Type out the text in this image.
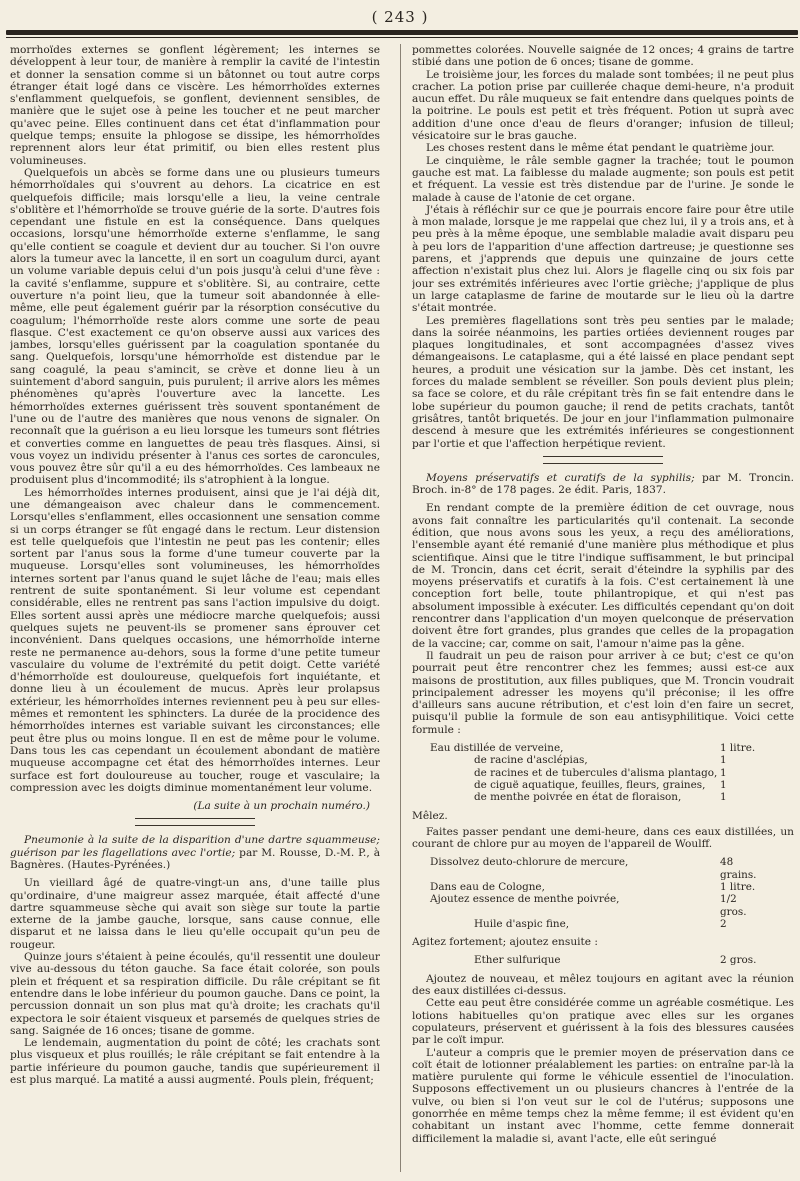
( 243 )

morrhoïdes externes se gonflent légèrement; les internes se développent à leur tour, de manière à remplir la cavité de l'intestin et donner la sensation comme si un bâtonnet ou tout autre corps étranger était logé dans ce viscère. Les hémorrhoïdes externes s'enflamment quelquefois, se gonflent, deviennent sensibles, de manière que le sujet ose à peine les toucher et ne peut marcher qu'avec peine. Elles continuent dans cet état d'inflammation pour quelque temps; ensuite la phlogose se dissipe, les hémorrhoïdes reprennent alors leur état primitif, ou bien elles restent plus volumineuses.

Quelquefois un abcès se forme dans une ou plusieurs tumeurs hémorrhoïdales qui s'ouvrent au dehors. La cicatrice en est quelquefois difficile; mais lorsqu'elle a lieu, la veine centrale s'oblitère et l'hémorrhoïde se trouve guérie de la sorte. D'autres fois cependant une fistule en est la conséquence. Dans quelques occasions, lorsqu'une hémorrhoïde externe s'enflamme, le sang qu'elle contient se coagule et devient dur au toucher. Si l'on ouvre alors la tumeur avec la lancette, il en sort un coagulum durci, ayant un volume variable depuis celui d'un pois jusqu'à celui d'une fève : la cavité s'enflamme, suppure et s'oblitère. Si, au contraire, cette ouverture n'a point lieu, que la tumeur soit abandonnée à elle-même, elle peut également guérir par la résorption consécutive du coagulum; l'hémorrhoïde reste alors comme une sorte de peau flasque. C'est exactement ce qu'on observe aussi aux varices des jambes, lorsqu'elles guérissent par la coagulation spontanée du sang. Quelquefois, lorsqu'une hémorrhoïde est distendue par le sang coagulé, la peau s'amincit, se crève et donne lieu à un suintement d'abord sanguin, puis purulent; il arrive alors les mêmes phénomènes qu'après l'ouverture avec la lancette. Les hémorrhoïdes externes guérissent très souvent spontanément de l'une ou de l'autre des manières que nous venons de signaler. On reconnaît que la guérison a eu lieu lorsque les tumeurs sont flétries et converties comme en languettes de peau très flasques. Ainsi, si vous voyez un individu présenter à l'anus ces sortes de caroncules, vous pouvez être sûr qu'il a eu des hémorrhoïdes. Ces lambeaux ne produisent plus d'incommodité; ils s'atrophient à la longue.

Les hémorrhoïdes internes produisent, ainsi que je l'ai déjà dit, une démangeaison avec chaleur dans le commencement. Lorsqu'elles s'enflamment, elles occasionnent une sensation comme si un corps étranger se fût engagé dans le rectum. Leur distension est telle quelquefois que l'intestin ne peut pas les contenir; elles sortent par l'anus sous la forme d'une tumeur couverte par la muqueuse. Lorsqu'elles sont volumineuses, les hémorrhoïdes internes sortent par l'anus quand le sujet lâche de l'eau; mais elles rentrent de suite spontanément. Si leur volume est cependant considérable, elles ne rentrent pas sans l'action impulsive du doigt. Elles sortent aussi après une médiocre marche quelquefois; aussi quelques sujets ne peuvent-ils se promener sans éprouver cet inconvénient. Dans quelques occasions, une hémorrhoïde interne reste ne permanence au-dehors, sous la forme d'une petite tumeur vasculaire du volume de l'extrémité du petit doigt. Cette variété d'hémorrhoïde est douloureuse, quelquefois fort inquiétante, et donne lieu à un écoulement de mucus. Après leur prolapsus extérieur, les hémorrhoïdes internes reviennent peu à peu sur elles-mêmes et remontent les sphincters. La durée de la procidence des hémorrhoïdes internes est variable suivant les circonstances; elle peut être plus ou moins longue. Il en est de même pour le volume. Dans tous les cas cependant un écoulement abondant de matière muqueuse accompagne cet état des hémorrhoïdes internes. Leur surface est fort douloureuse au toucher, rouge et vasculaire; la compression avec les doigts diminue momentanément leur volume.

(La suite à un prochain numéro.)

Pneumonie à la suite de la disparition d'une dartre squammeuse; guérison par les flagellations avec l'ortie; par M. Rousse, D.-M. P., à Bagnères. (Hautes-Pyrénées.)

Un vieillard âgé de quatre-vingt-un ans, d'une taille plus qu'ordinaire, d'une maigreur assez marquée, était affecté d'une dartre squammeuse sèche qui avait son siège sur toute la partie externe de la jambe gauche, lorsque, sans cause connue, elle disparut et ne laissa dans le lieu qu'elle occupait qu'un peu de rougeur.

Quinze jours s'étaient à peine écoulés, qu'il ressentit une douleur vive au-dessous du téton gauche. Sa face était colorée, son pouls plein et fréquent et sa respiration difficile. Du râle crépitant se fit entendre dans le lobe inférieur du poumon gauche. Dans ce point, la percussion donnait un son plus mat qu'à droite; les crachats qu'il expectora le soir étaient visqueux et parsemés de quelques stries de sang. Saignée de 16 onces; tisane de gomme.

Le lendemain, augmentation du point de côté; les crachats sont plus visqueux et plus rouillés; le râle crépitant se fait entendre à la partie inférieure du poumon gauche, tandis que supérieurement il est plus marqué. La matité a aussi augmenté. Pouls plein, fréquent;

pommettes colorées. Nouvelle saignée de 12 onces; 4 grains de tartre stibié dans une potion de 6 onces; tisane de gomme.

Le troisième jour, les forces du malade sont tombées; il ne peut plus cracher. La potion prise par cuillerée chaque demi-heure, n'a produit aucun effet. Du râle muqueux se fait entendre dans quelques points de la poitrine. Le pouls est petit et très fréquent. Potion ut suprà avec addition d'une once d'eau de fleurs d'oranger; infusion de tilleul; vésicatoire sur le bras gauche.

Les choses restent dans le même état pendant le quatrième jour.

Le cinquième, le râle semble gagner la trachée; tout le poumon gauche est mat. La faiblesse du malade augmente; son pouls est petit et fréquent. La vessie est très distendue par de l'urine. Je sonde le malade à cause de l'atonie de cet organe.

J'étais à réfléchir sur ce que je pourrais encore faire pour être utile à mon malade, lorsque je me rappelai que chez lui, il y a trois ans, et à peu près à la même époque, une semblable maladie avait disparu peu à peu lors de l'apparition d'une affection dartreuse; je questionne ses parens, et j'apprends que depuis une quinzaine de jours cette affection n'existait plus chez lui. Alors je flagelle cinq ou six fois par jour ses extrémités inférieures avec l'ortie grièche; j'applique de plus un large cataplasme de farine de moutarde sur le lieu où la dartre s'était montrée.

Les premières flagellations sont très peu senties par le malade; dans la soirée néanmoins, les parties ortiées deviennent rouges par plaques longitudinales, et sont accompagnées d'assez vives démangeaisons. Le cataplasme, qui a été laissé en place pendant sept heures, a produit une vésication sur la jambe. Dès cet instant, les forces du malade semblent se réveiller. Son pouls devient plus plein; sa face se colore, et du râle crépitant très fin se fait entendre dans le lobe supérieur du poumon gauche; il rend de petits crachats, tantôt grisâtres, tantôt briquetés. De jour en jour l'inflammation pulmonaire descend à mesure que les extrémités inférieures se congestionnent par l'ortie et que l'affection herpétique revient.

Moyens préservatifs et curatifs de la syphilis; par M. Troncin. Broch. in-8° de 178 pages. 2e édit. Paris, 1837.

En rendant compte de la première édition de cet ouvrage, nous avons fait connaître les particularités qu'il contenait. La seconde édition, que nous avons sous les yeux, a reçu des améliorations, l'ensemble ayant été remanié d'une manière plus méthodique et plus scientifique. Ainsi que le titre l'indique suffisamment, le but principal de M. Troncin, dans cet écrit, serait d'éteindre la syphilis par des moyens préservatifs et curatifs à la fois. C'est certainement là une conception fort belle, toute philantropique, et qui n'est pas absolument impossible à exécuter. Les difficultés cependant qu'on doit rencontrer dans l'application d'un moyen quelconque de préservation doivent être fort grandes, plus grandes que celles de la propagation de la vaccine; car, comme on sait, l'amour n'aime pas la gêne.

Il faudrait un peu de raison pour arriver à ce but; c'est ce qu'on pourrait peut être rencontrer chez les femmes; aussi est-ce aux maisons de prostitution, aux filles publiques, que M. Troncin voudrait principalement adresser les moyens qu'il préconise; il les offre d'ailleurs sans aucune rétribution, et c'est loin d'en faire un secret, puisqu'il publie la formule de son eau antisyphilitique. Voici cette formule :

Eau distillée de verveine,	1 litre.
de racine d'asclépias,	1
de racines et de tubercules d'alisma plantago, 1
de ciguë aquatique, feuilles, fleurs, graines, 1
de menthe poivrée en état de floraison,	1

Mêlez.

Faites passer pendant une demi-heure, dans ces eaux distillées, un courant de chlore pur au moyen de l'appareil de Woulff.

Dissolvez deuto-chlorure de mercure,	48 grains.
Dans eau de Cologne,	1 litre.
Ajoutez essence de menthe poivrée,	1/2 gros.
Huile d'aspic fine,	2

Agitez fortement; ajoutez ensuite :

Ether sulfurique	2 gros.

Ajoutez de nouveau, et mêlez toujours en agitant avec la réunion des eaux distillées ci-dessus.

Cette eau peut être considérée comme un agréable cosmétique. Les lotions habituelles qu'on pratique avec elles sur les organes copulateurs, préservent et guérissent à la fois des blessures causées par le coït impur.

L'auteur a compris que le premier moyen de préservation dans ce coït était de lotionner préalablement les parties: on entraîne par-là la matière purulente qui forme le véhicule essentiel de l'inoculation. Supposons effectivement un ou plusieurs chancres à l'entrée de la vulve, ou bien si l'on veut sur le col de l'utérus; supposons une gonorrhée en même temps chez la même femme; il est évident qu'en cohabitant un instant avec l'homme, cette femme donnerait difficilement la maladie si, avant l'acte, elle eût seringué
